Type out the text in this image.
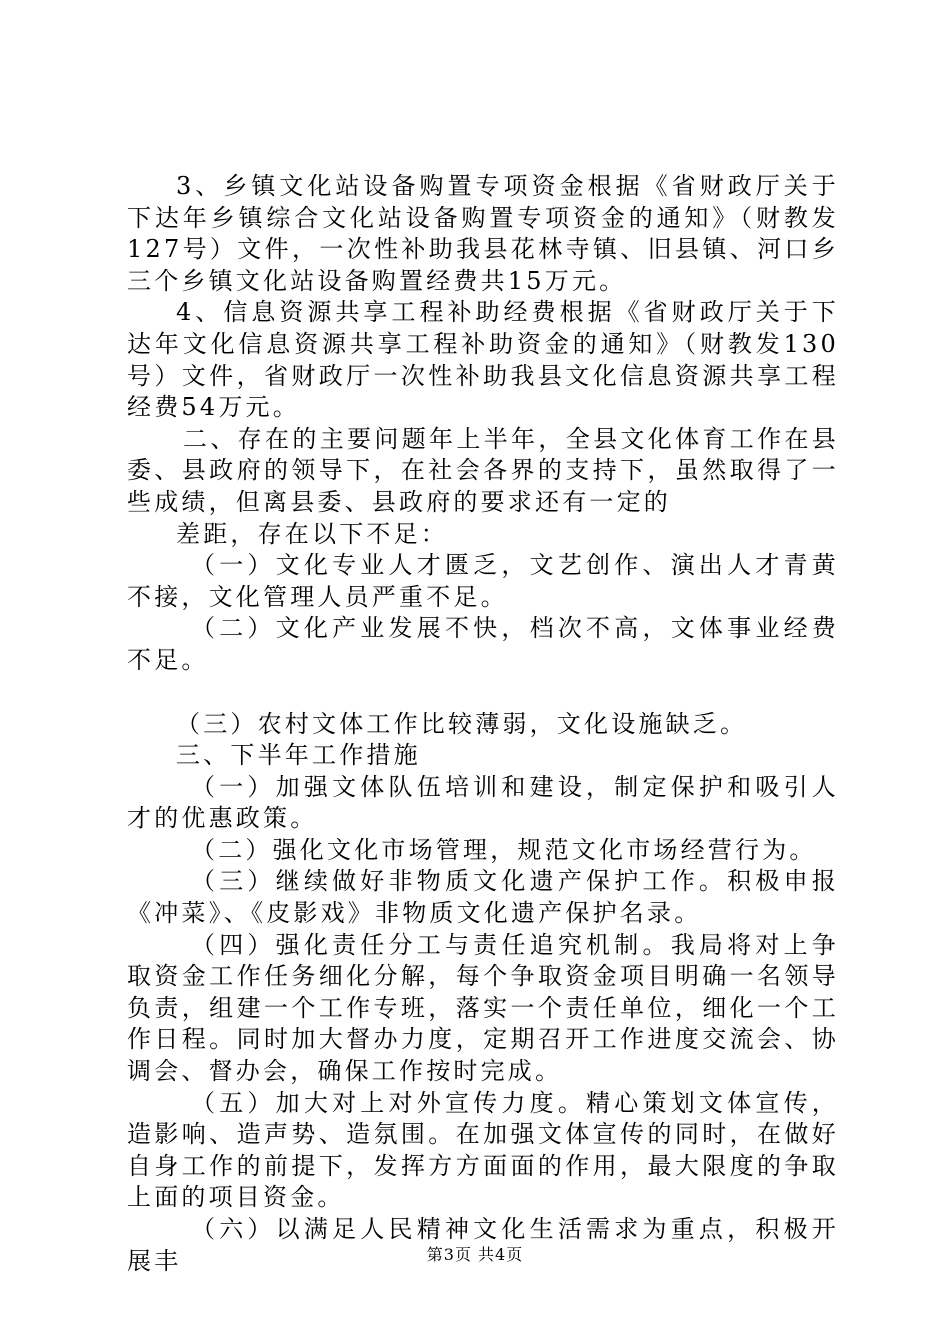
3、乡镇文化站设备购置专项资金根据《省财政厅关于下达年乡镇综合文化站设备购置专项资金的通知》（财教发127号）文件，一次性补助我县花林寺镇、旧县镇、河口乡三个乡镇文化站设备购置经费共15万元。

4、信息资源共享工程补助经费根据《省财政厅关于下达年文化信息资源共享工程补助资金的通知》（财教发130号）文件，省财政厅一次性补助我县文化信息资源共享工程经费54万元。

二、存在的主要问题年上半年，全县文化体育工作在县委、县政府的领导下，在社会各界的支持下，虽然取得了一些成绩，但离县委、县政府的要求还有一定的

差距，存在以下不足：

（一）文化专业人才匮乏，文艺创作、演出人才青黄不接，文化管理人员严重不足。

（二）文化产业发展不快，档次不高，文体事业经费不足。

（三）农村文体工作比较薄弱，文化设施缺乏。

三、下半年工作措施

（一）加强文体队伍培训和建设，制定保护和吸引人才的优惠政策。

（二）强化文化市场管理，规范文化市场经营行为。

（三）继续做好非物质文化遗产保护工作。积极申报《冲菜》、《皮影戏》非物质文化遗产保护名录。

（四）强化责任分工与责任追究机制。我局将对上争取资金工作任务细化分解，每个争取资金项目明确一名领导负责，组建一个工作专班，落实一个责任单位，细化一个工作日程。同时加大督办力度，定期召开工作进度交流会、协调会、督办会，确保工作按时完成。

（五）加大对上对外宣传力度。精心策划文体宣传，造影响、造声势、造氛围。在加强文体宣传的同时，在做好自身工作的前提下，发挥方方面面的作用，最大限度的争取上面的项目资金。

（六）以满足人民精神文化生活需求为重点，积极开展丰	第3页 共4页
